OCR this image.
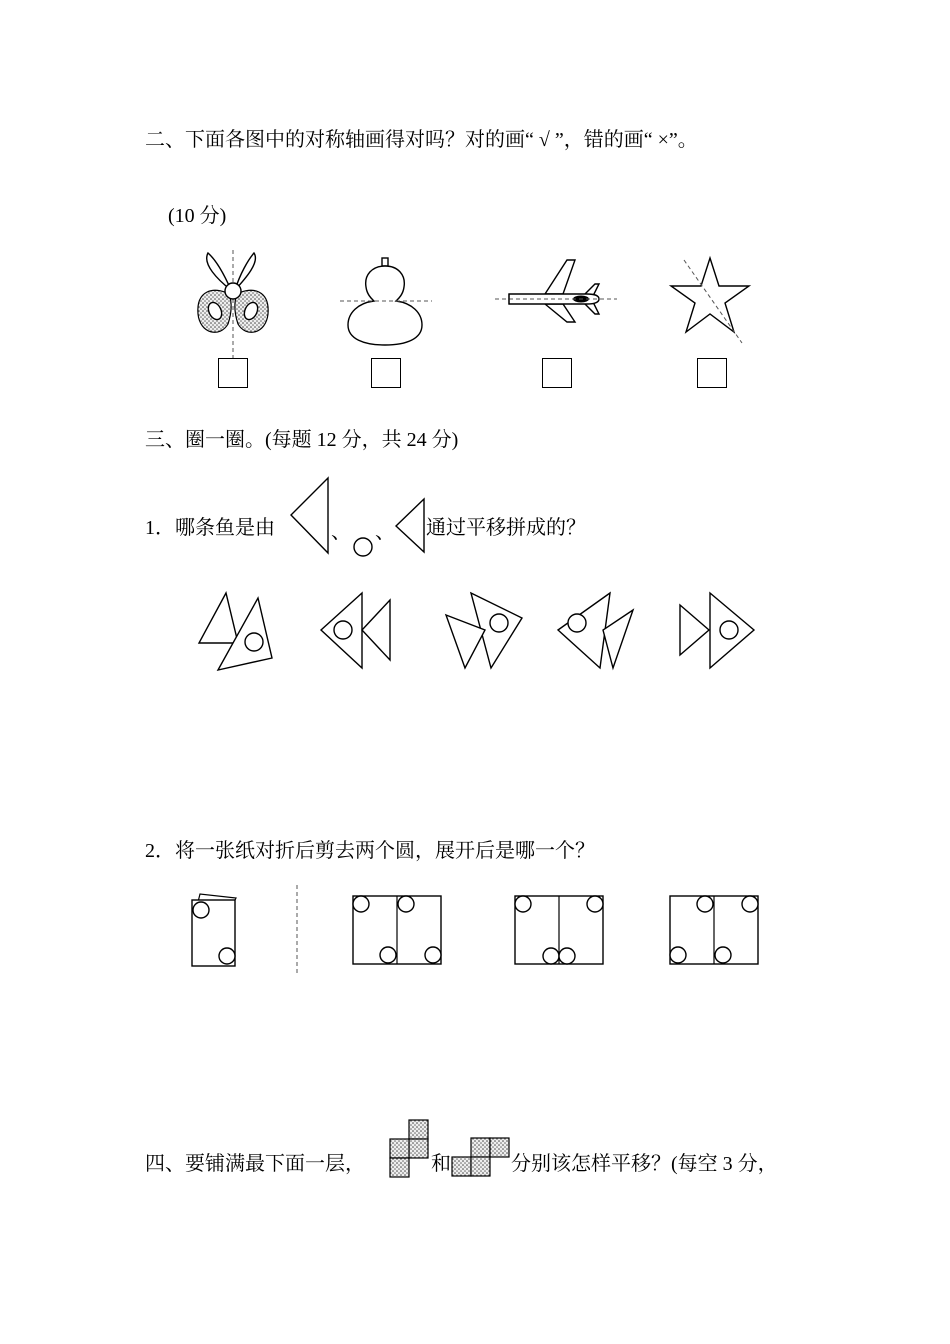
二、下面各图中的对称轴画得对吗？对的画“ √ ”，错的画“ ×”。
(10 分)
三、圈一圈。(每题 12 分，共 24 分)
1．哪条鱼是由	、 、 通过平移拼成的？
2．将一张纸对折后剪去两个圆，展开后是哪一个？
四、要铺满最下面一层，	和	分别该怎样平移？(每空 3 分，
